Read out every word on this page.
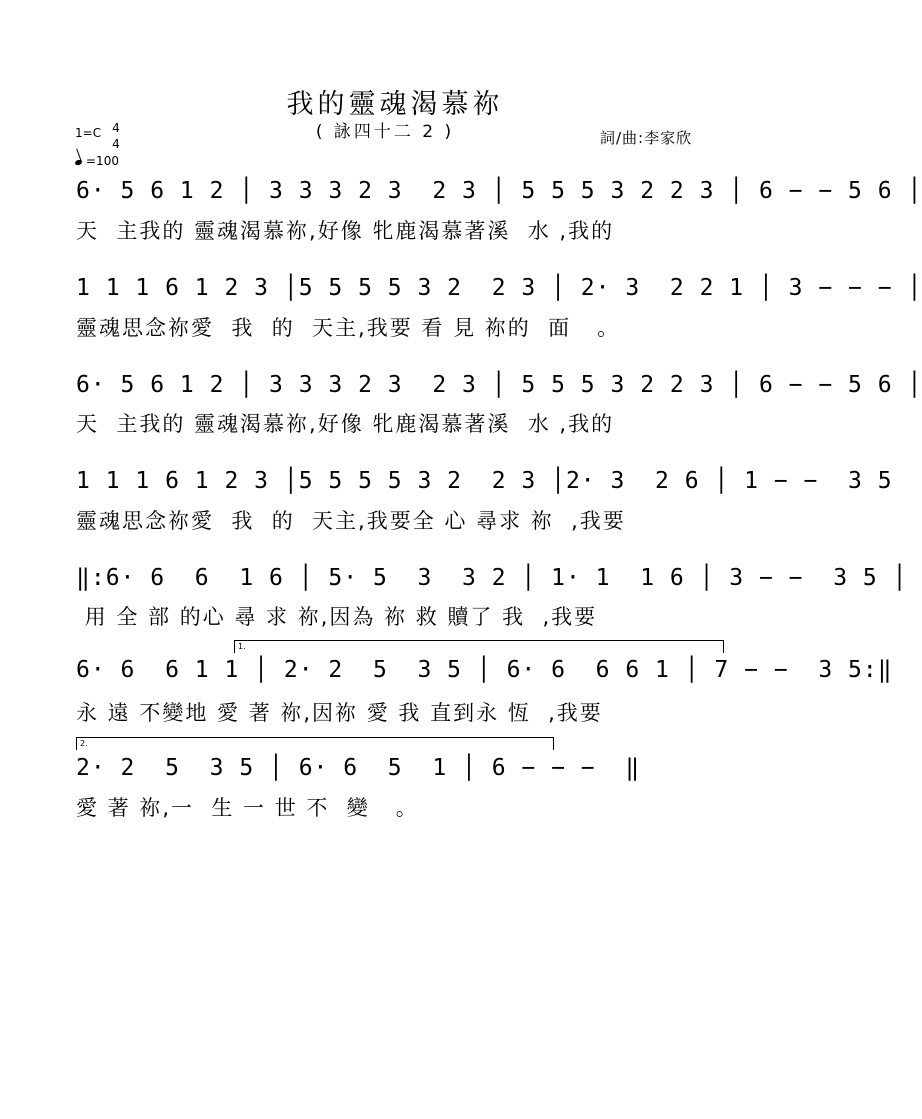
我的靈魂渴慕祢
( 詠四十二 2 )
1=C 4
4
=100
詞/曲:李家欣
6· 5 6 1 2 │ 3 3 3 2 3  2 3 │ 5 5 5 3 2 2 3 │ 6 − − 5 6 │
天  主我的 靈魂渴慕祢,好像 牝鹿渴慕著溪  水 ,我的
1 1 1 6 1 2 3 │5 5 5 5 3 2  2 3 │ 2· 3  2 2 1 │ 3 − − − │
靈魂思念祢愛  我  的  天主,我要 看 見 祢的  面   。
6· 5 6 1 2 │ 3 3 3 2 3  2 3 │ 5 5 5 3 2 2 3 │ 6 − − 5 6 │
天  主我的 靈魂渴慕祢,好像 牝鹿渴慕著溪  水 ,我的
1 1 1 6 1 2 3 │5 5 5 5 3 2  2 3 │2· 3  2 6 │ 1 − −  3 5
靈魂思念祢愛  我  的  天主,我要全 心 尋求 祢  ,我要
‖:6· 6  6  1 6 │ 5· 5  3  3 2 │ 1· 1  1 6 │ 3 − −  3 5 │
用 全 部 的心 尋 求 祢,因為 祢 救 贖了 我  ,我要
1.
6· 6  6 1 1 │ 2· 2  5  3 5 │ 6· 6  6 6 1 │ 7 − −  3 5:‖
永 遠 不變地 愛 著 祢,因祢 愛 我 直到永 恆  ,我要
2.
2· 2  5  3 5 │ 6· 6  5  1 │ 6 − − −  ‖
愛 著 祢,一  生 一 世 不  變   。
